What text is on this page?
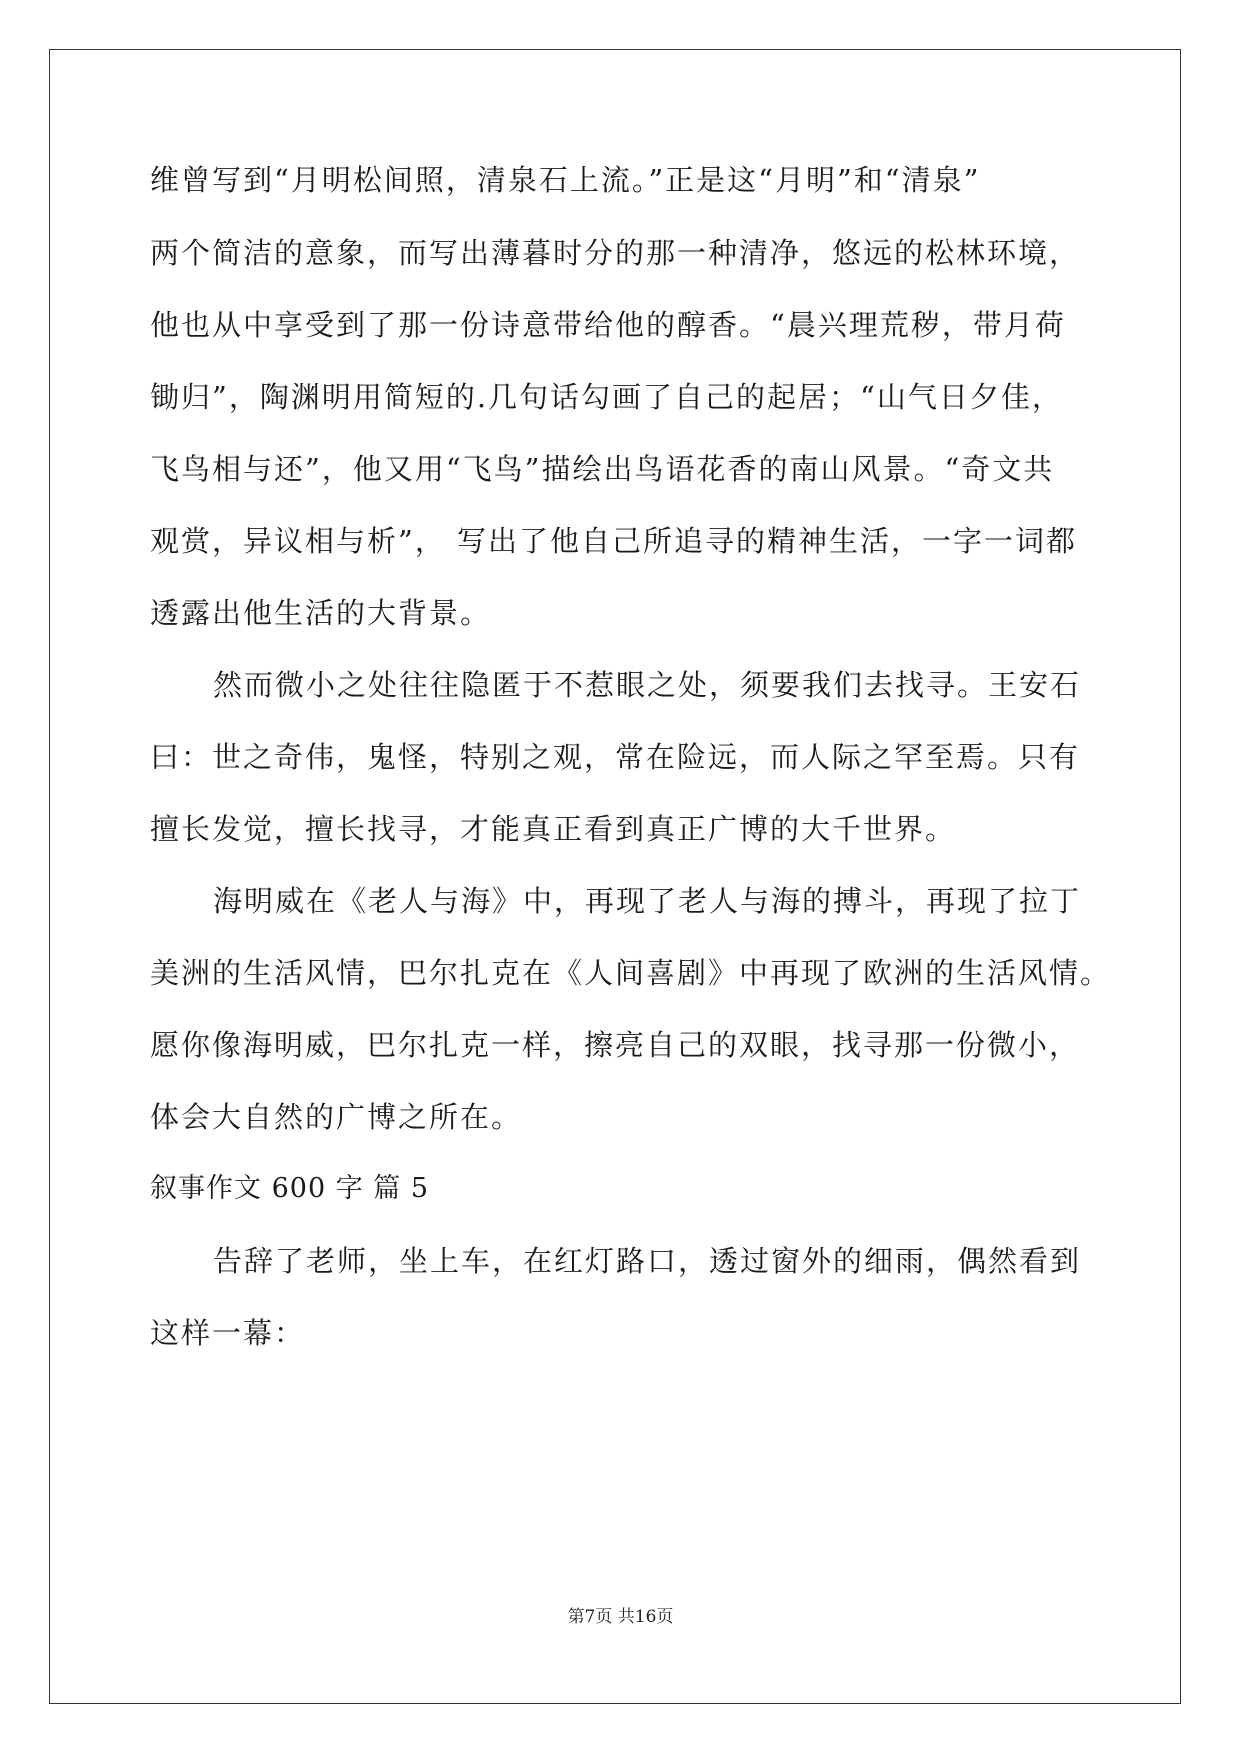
维曾写到“月明松间照，清泉石上流。”正是这“月明”和“清泉”
两个简洁的意象，而写出薄暮时分的那一种清净，悠远的松林环境，
他也从中享受到了那一份诗意带给他的醇香。“晨兴理荒秽，带月荷
锄归”，陶渊明用简短的.几句话勾画了自己的起居；“山气日夕佳，
飞鸟相与还”，他又用“飞鸟”描绘出鸟语花香的南山风景。“奇文共
观赏，异议相与析”， 写出了他自己所追寻的精神生活，一字一词都
透露出他生活的大背景。
然而微小之处往往隐匿于不惹眼之处，须要我们去找寻。王安石
曰：世之奇伟，鬼怪，特别之观，常在险远，而人际之罕至焉。只有
擅长发觉，擅长找寻，才能真正看到真正广博的大千世界。
海明威在《老人与海》中，再现了老人与海的搏斗，再现了拉丁
美洲的生活风情，巴尔扎克在《人间喜剧》中再现了欧洲的生活风情。
愿你像海明威，巴尔扎克一样，擦亮自己的双眼，找寻那一份微小，
体会大自然的广博之所在。
叙事作文 600 字 篇 5
告辞了老师，坐上车，在红灯路口，透过窗外的细雨，偶然看到
这样一幕：
第7页 共16页
